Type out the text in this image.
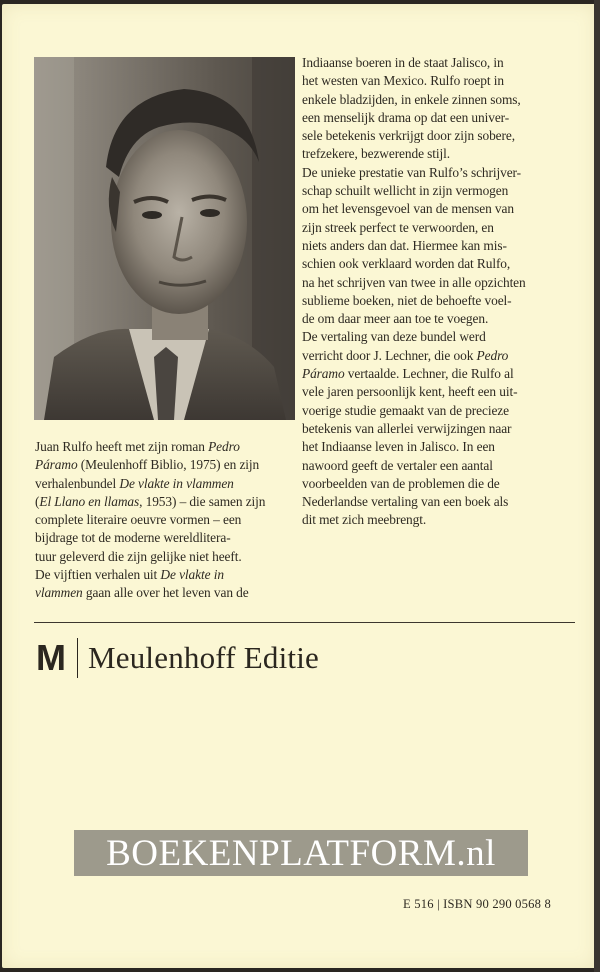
Juan Rulfo heeft met zijn roman Pedro
Páramo (Meulenhoff Biblio, 1975) en zijn
verhalenbundel De vlakte in vlammen
(El Llano en llamas, 1953) – die samen zijn
complete literaire oeuvre vormen – een
bijdrage tot de moderne wereldlitera-
tuur geleverd die zijn gelijke niet heeft.
De vijftien verhalen uit De vlakte in
vlammen gaan alle over het leven van de
Indiaanse boeren in de staat Jalisco, in
het westen van Mexico. Rulfo roept in
enkele bladzijden, in enkele zinnen soms,
een menselijk drama op dat een univer-
sele betekenis verkrijgt door zijn sobere,
trefzekere, bezwerende stijl.
De unieke prestatie van Rulfo’s schrijver-
schap schuilt wellicht in zijn vermogen
om het levensgevoel van de mensen van
zijn streek perfect te verwoorden, en
niets anders dan dat. Hiermee kan mis-
schien ook verklaard worden dat Rulfo,
na het schrijven van twee in alle opzichten
sublieme boeken, niet de behoefte voel-
de om daar meer aan toe te voegen.
De vertaling van deze bundel werd
verricht door J. Lechner, die ook Pedro
Páramo vertaalde. Lechner, die Rulfo al
vele jaren persoonlijk kent, heeft een uit-
voerige studie gemaakt van de precieze
betekenis van allerlei verwijzingen naar
het Indiaanse leven in Jalisco. In een
nawoord geeft de vertaler een aantal
voorbeelden van de problemen die de
Nederlandse vertaling van een boek als
dit met zich meebrengt.
M Meulenhoff Editie
BOEKENPLATFORM.nl
E 516 | ISBN 90 290 0568 8
